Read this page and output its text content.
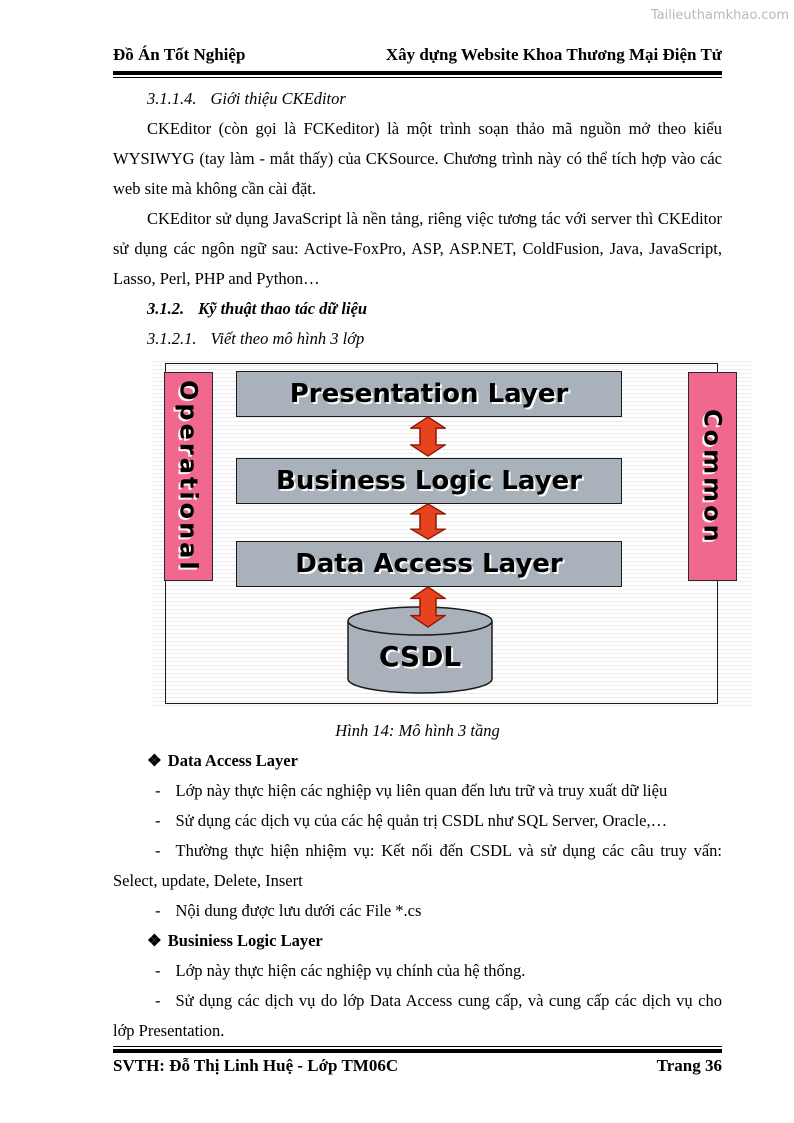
Tailieuthamkhao.com
Đồ Án Tốt Nghiệp	Xây dựng Website Khoa Thương Mại Điện Tử

3.1.1.4. Giới thiệu CKEditor

CKEditor (còn gọi là FCKeditor) là một trình soạn thảo mã nguồn mở theo kiểu WYSIWYG (tay làm - mắt thấy) của CKSource. Chương trình này có thể tích hợp vào các web site mà không cần cài đặt.

CKEditor sử dụng JavaScript là nền tảng, riêng việc tương tác với server thì CKEditor sử dụng các ngôn ngữ sau: Active-FoxPro, ASP, ASP.NET, ColdFusion, Java, JavaScript, Lasso, Perl, PHP and Python…

3.1.2. Kỹ thuật thao tác dữ liệu

3.1.2.1. Viết theo mô hình 3 lớp

Operational	Common
Presentation Layer
Business Logic Layer
Data Access Layer
CSDL

Hình 14: Mô hình 3 tầng

❖ Data Access Layer

- Lớp này thực hiện các nghiệp vụ liên quan đến lưu trữ và truy xuất dữ liệu

- Sử dụng các dịch vụ của các hệ quản trị CSDL như SQL Server, Oracle,…

- Thường thực hiện nhiệm vụ: Kết nối đến CSDL và sử dụng các câu truy vấn: Select, update, Delete, Insert

- Nội dung được lưu dưới các File *.cs

❖ Businiess Logic Layer

- Lớp này thực hiện các nghiệp vụ chính của hệ thống.

- Sử dụng các dịch vụ do lớp Data Access cung cấp, và cung cấp các dịch vụ cho lớp Presentation.

SVTH: Đỗ Thị Linh Huệ - Lớp TM06C	Trang 36
